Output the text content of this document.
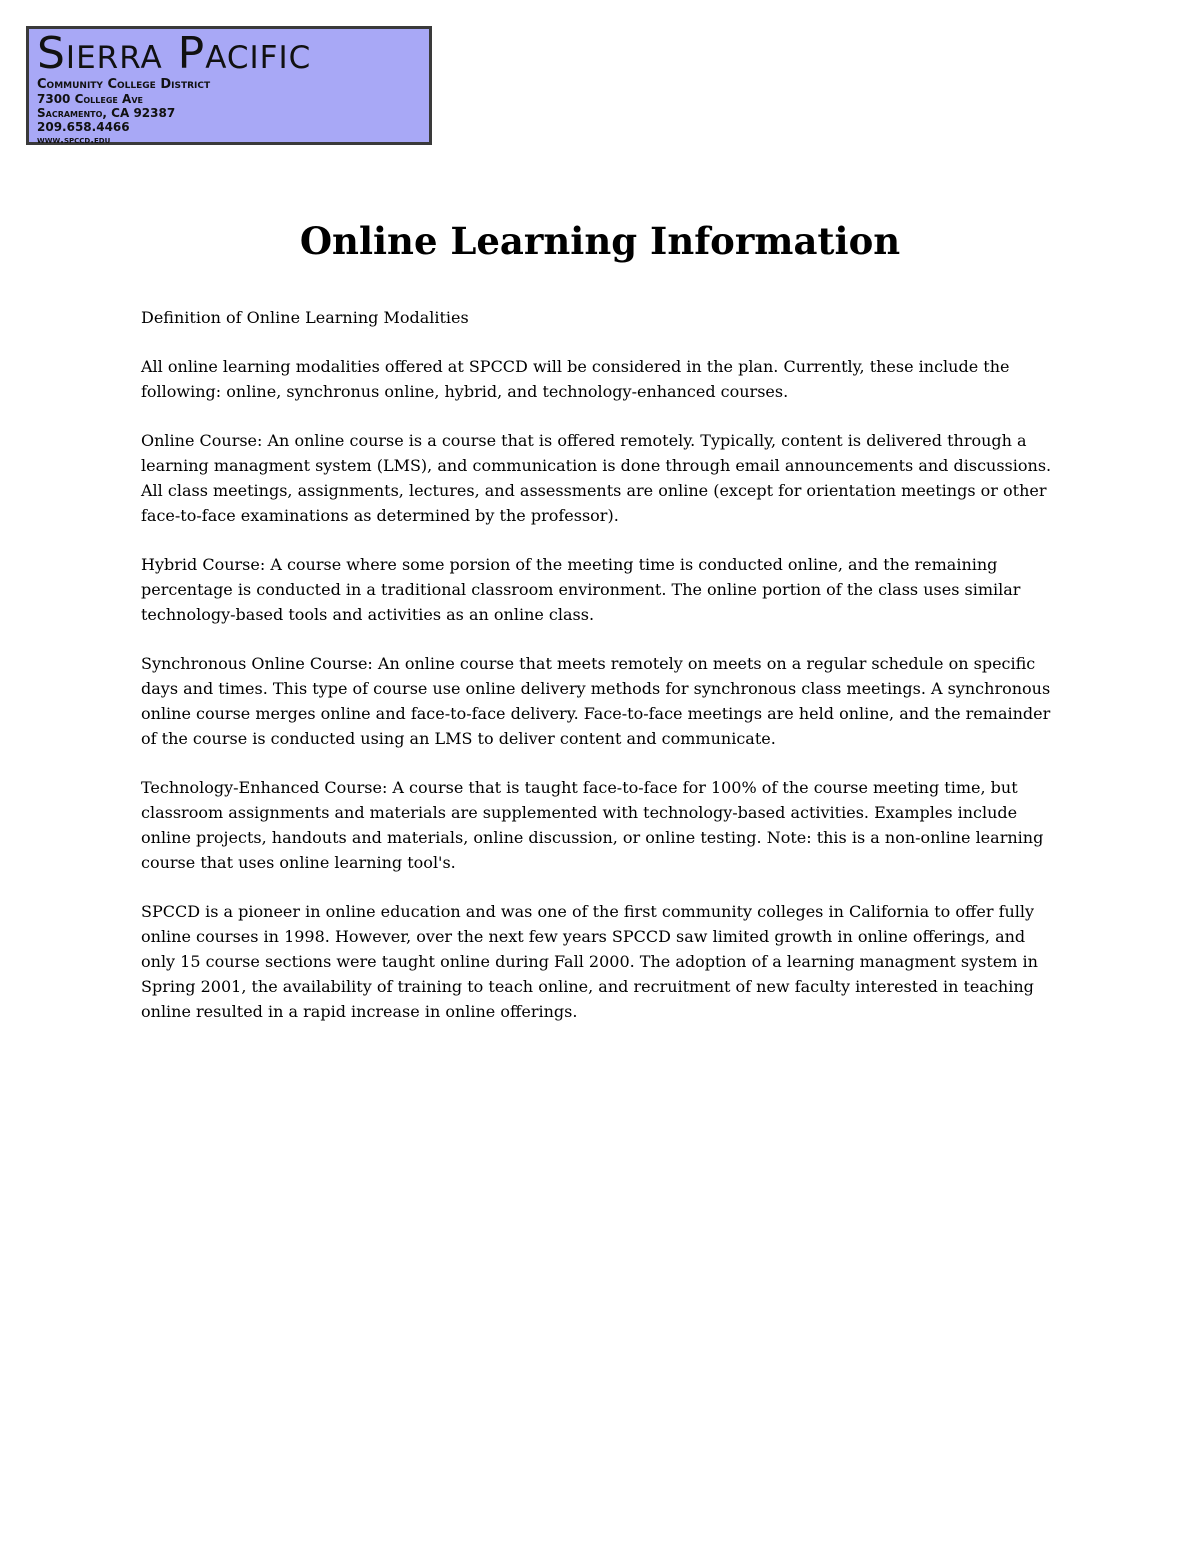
Sierra Pacific
Community College District
7300 College Ave
Sacramento, CA 92387
209.658.4466
www.spccd.edu
Online Learning Information

Definition of Online Learning Modalities

All online learning modalities offered at SPCCD will be considered in the plan. Currently, these include the following: online, synchronus online, hybrid, and technology-enhanced courses.

Online Course: An online course is a course that is offered remotely. Typically, content is delivered through a learning managment system (LMS), and communication is done through email announcements and discussions. All class meetings, assignments, lectures, and assessments are online (except for orientation meetings or other face-to-face examinations as determined by the professor).

Hybrid Course: A course where some porsion of the meeting time is conducted online, and the remaining percentage is conducted in a traditional classroom environment. The online portion of the class uses similar technology-based tools and activities as an online class.

Synchronous Online Course: An online course that meets remotely on meets on a regular schedule on specific days and times. This type of course use online delivery methods for synchronous class meetings. A synchronous online course merges online and face-to-face delivery. Face-to-face meetings are held online, and the remainder of the course is conducted using an LMS to deliver content and communicate.

Technology-Enhanced Course: A course that is taught face-to-face for 100% of the course meeting time, but classroom assignments and materials are supplemented with technology-based activities. Examples include online projects, handouts and materials, online discussion, or online testing. Note: this is a non-online learning course that uses online learning tool's.

SPCCD is a pioneer in online education and was one of the first community colleges in California to offer fully online courses in 1998. However, over the next few years SPCCD saw limited growth in online offerings, and only 15 course sections were taught online during Fall 2000. The adoption of a learning managment system in Spring 2001, the availability of training to teach online, and recruitment of new faculty interested in teaching online resulted in a rapid increase in online offerings.
